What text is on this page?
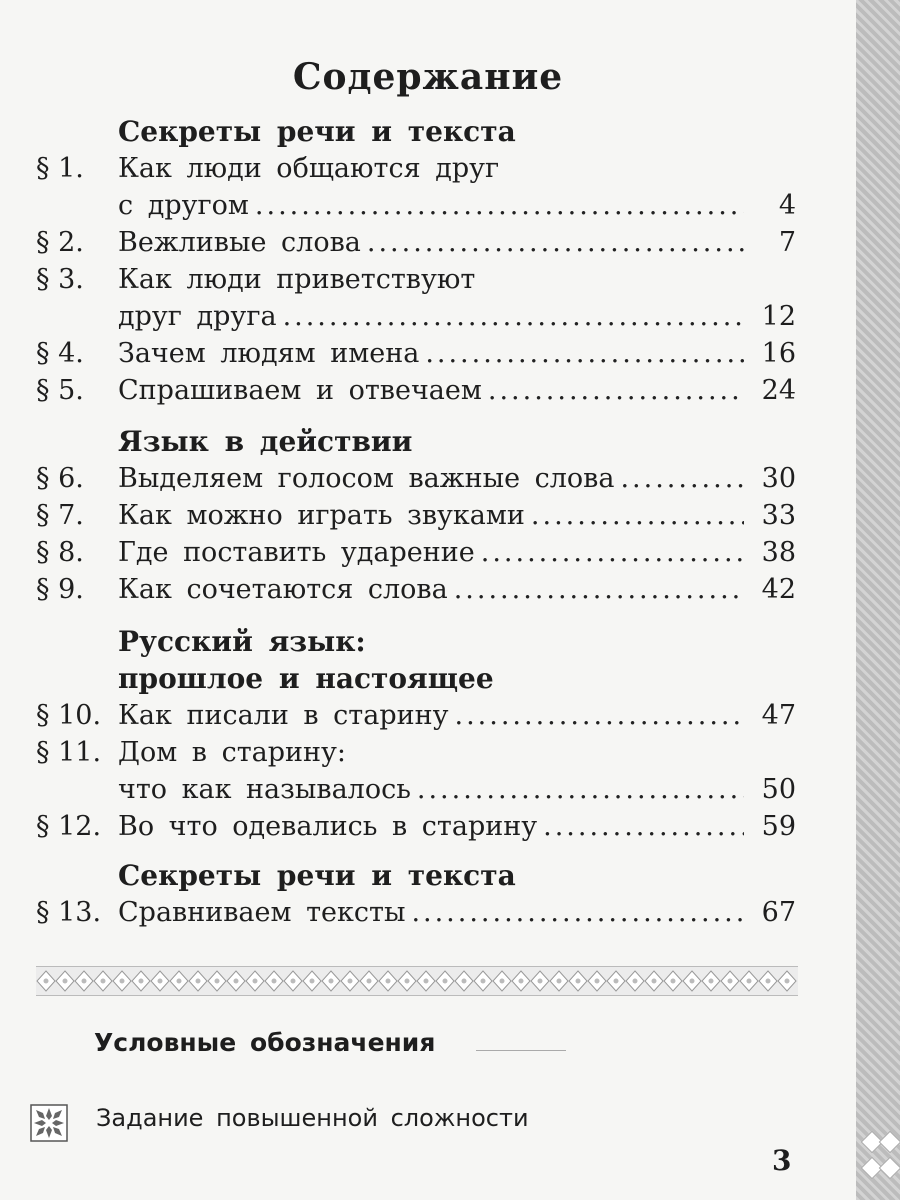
Содержание
Секреты речи и текста
§ 1. Как люди общаются друг
с другом .....	4
§ 2. Вежливые слова .....	7
§ 3. Как люди приветствуют
друг друга .....	12
§ 4. Зачем людям имена .....	16
§ 5. Спрашиваем и отвечаем .....	24
Язык в действии
§ 6. Выделяем голосом важные слова .....	30
§ 7. Как можно играть звуками .....	33
§ 8. Где поставить ударение .....	38
§ 9. Как сочетаются слова .....	42
Русский язык:
прошлое и настоящее
§ 10. Как писали в старину .....	47
§ 11. Дом в старину:
что как называлось .....	50
§ 12. Во что одевались в старину .....	59
Секреты речи и текста
§ 13. Сравниваем тексты .....	67
Условные обозначения
Задание повышенной сложности
3
